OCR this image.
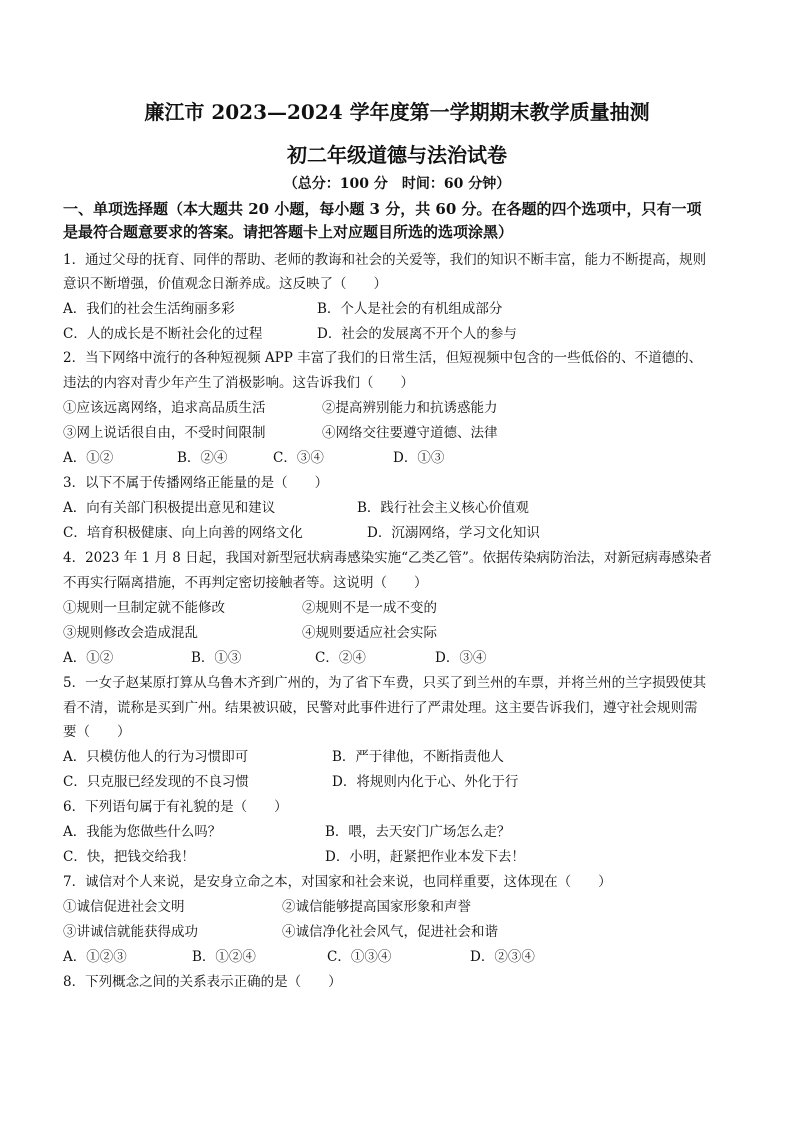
廉江市 2023—2024 学年度第一学期期末教学质量抽测
初二年级道德与法治试卷
（总分：100 分　时间：60 分钟）
一、单项选择题（本大题共 20 小题，每小题 3 分，共 60 分。在各题的四个选项中，只有一项
是最符合题意要求的答案。请把答题卡上对应题目所选的选项涂黑）
1．通过父母的抚育、同伴的帮助、老师的教诲和社会的关爱等，我们的知识不断丰富，能力不断提高，规则
意识不断增强，价值观念日渐养成。这反映了（　　）
A．我们的社会生活绚丽多彩	B．个人是社会的有机组成部分
C．人的成长是不断社会化的过程	D．社会的发展离不开个人的参与
2．当下网络中流行的各种短视频 APP 丰富了我们的日常生活，但短视频中包含的一些低俗的、不道德的、
违法的内容对青少年产生了消极影响。这告诉我们（　　）
①应该远离网络，追求高品质生活	②提高辨别能力和抗诱惑能力
③网上说话很自由，不受时间限制	④网络交往要遵守道德、法律
A．①②	B．②④	C．③④	D．①③
3．以下不属于传播网络正能量的是（　　）
A．向有关部门积极提出意见和建议	B．践行社会主义核心价值观
C．培育积极健康、向上向善的网络文化	D．沉溺网络，学习文化知识
4．2023 年 1 月 8 日起，我国对新型冠状病毒感染实施“乙类乙管”。依据传染病防治法，对新冠病毒感染者
不再实行隔离措施，不再判定密切接触者等。这说明（　　）
①规则一旦制定就不能修改	②规则不是一成不变的
③规则修改会造成混乱	④规则要适应社会实际
A．①②	B．①③	C．②④	D．③④
5．一女子赵某原打算从乌鲁木齐到广州的，为了省下车费，只买了到兰州的车票，并将兰州的兰字损毁使其
看不清，谎称是买到广州。结果被识破，民警对此事件进行了严肃处理。这主要告诉我们，遵守社会规则需
要（　　）
A．只模仿他人的行为习惯即可	B．严于律他，不断指责他人
C．只克服已经发现的不良习惯	D．将规则内化于心、外化于行
6．下列语句属于有礼貌的是（　　）
A．我能为您做些什么吗？	B．喂，去天安门广场怎么走？
C．快，把钱交给我！	D．小明，赶紧把作业本发下去！
7．诚信对个人来说，是安身立命之本，对国家和社会来说，也同样重要，这体现在（　　）
①诚信促进社会文明	②诚信能够提高国家形象和声誉
③讲诚信就能获得成功	④诚信净化社会风气，促进社会和谐
A．①②③	B．①②④	C．①③④	D．②③④
8．下列概念之间的关系表示正确的是（　　）
